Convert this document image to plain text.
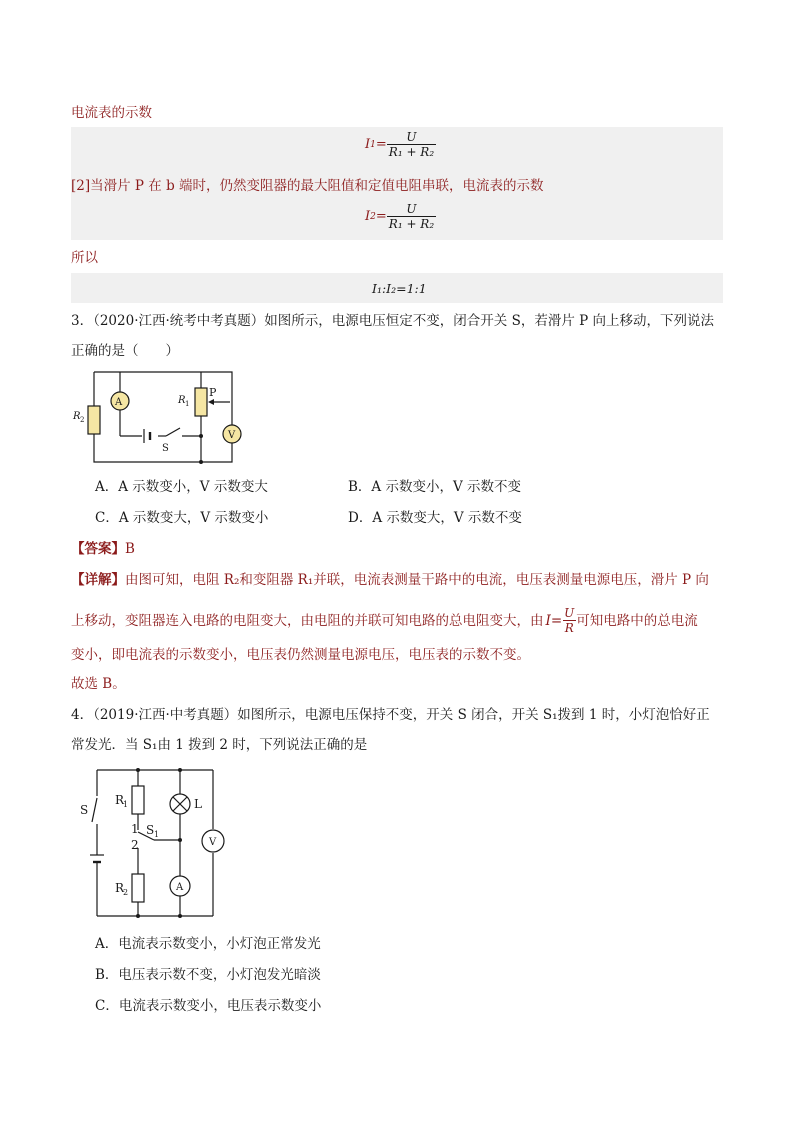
电流表的示数
I $1 = \frac{U}{\text{R₁ + R₂}}$
[2]当滑片 P 在 b 端时，仍然变阻器的最大阻值和定值电阻串联，电流表的示数
I $2 = \frac{U}{\text{R₁ + R₂}}$
所以
I₁:I₂=1:1
3．（2020·江西·统考中考真题）如图所示，电源电压恒定不变，闭合开关 S，若滑片 P 向上移动，下列说法
正确的是（　　）
A
V
R 2
R 1
P
S
A．A 示数变小，V 示数变大	B．A 示数变小，V 示数不变
C．A 示数变大，V 示数变小	D．A 示数变大，V 示数不变
【答案】B
【详解】由图可知，电阻 R₂和变阻器 R₁并联，电流表测量干路中的电流，电压表测量电源电压，滑片 P 向
上移动，变阻器连入电路的电阻变大，由电阻的并联可知电路的总电阻变大，由 $I= \frac{U}{R}$ 可知电路中的总电流
变小，即电流表的示数变小，电压表仍然测量电源电压，电压表的示数不变。
故选 B。
4．（2019·江西·中考真题）如图所示，电源电压保持不变，开关 S 闭合，开关 S₁拨到 1 时，小灯泡恰好正
常发光．当 S₁由 1 拨到 2 时，下列说法正确的是
S
R
1
R
2
L
A
V
S 1
1
2
A．电流表示数变小，小灯泡正常发光
B．电压表示数不变，小灯泡发光暗淡
C．电流表示数变小，电压表示数变小
